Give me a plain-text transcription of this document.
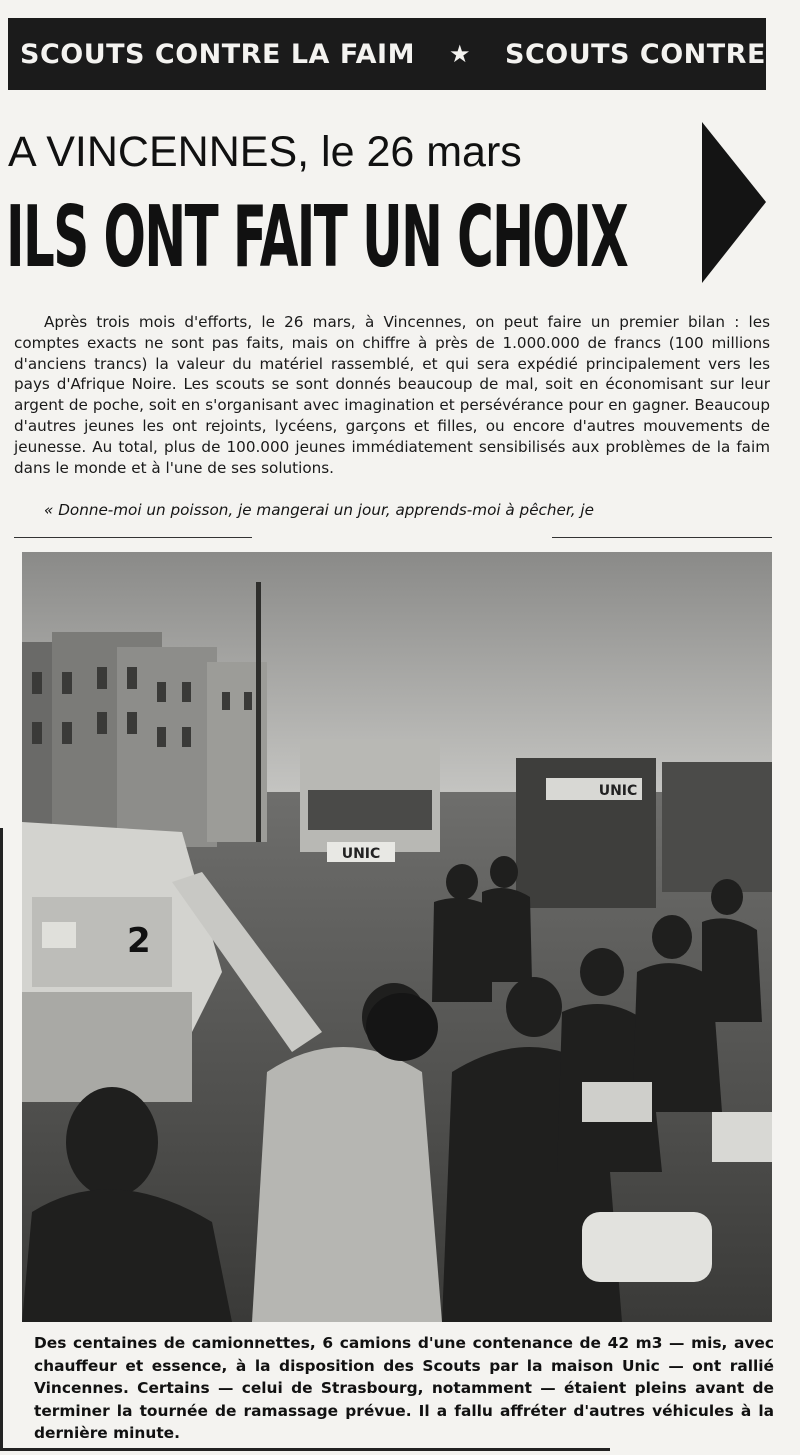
SCOUTS CONTRE LA FAIM ★ SCOUTS CONTRE
A VINCENNES, le 26 mars
ILS ONT FAIT UN CHOIX

Après trois mois d'efforts, le 26 mars, à Vincennes, on peut faire un premier bilan : les comptes exacts ne sont pas faits, mais on chiffre à près de 1.000.000 de francs (100 millions d'anciens trancs) la valeur du matériel rassemblé, et qui sera expédié principalement vers les pays d'Afrique Noire. Les scouts se sont donnés beaucoup de mal, soit en économisant sur leur argent de poche, soit en s'organisant avec imagination et persévérance pour en gagner. Beaucoup d'autres jeunes les ont rejoints, lycéens, garçons et filles, ou encore d'autres mouvements de jeunesse. Au total, plus de 100.000 jeunes immédiatement sensibilisés aux problèmes de la faim dans le monde et à l'une de ses solutions.

« Donne-moi un poisson, je mangerai un jour, apprends-moi à pêcher, je

UNIC
UNIC
2

Des centaines de camionnettes, 6 camions d'une contenance de 42 m3 — mis, avec chauffeur et essence, à la disposition des Scouts par la maison Unic — ont rallié Vincennes. Certains — celui de Strasbourg, notamment — étaient pleins avant de terminer la tournée de ramassage prévue. Il a fallu affréter d'autres véhicules à la dernière minute.
